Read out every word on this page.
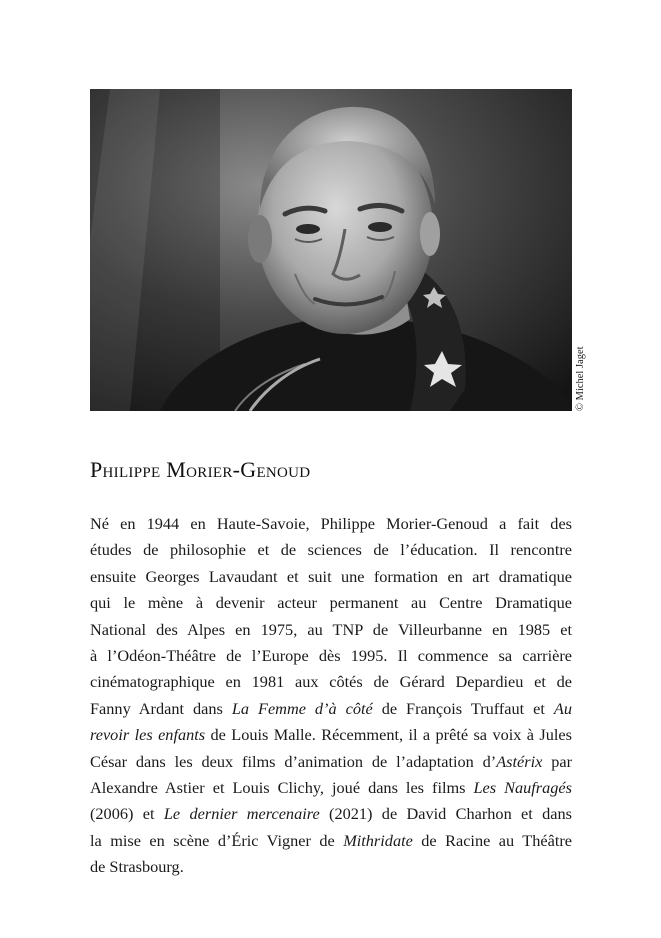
© Michel Jaget
Philippe Morier-Genoud
Né en 1944 en Haute-Savoie, Philippe Morier-Genoud a fait des
études de philosophie et de sciences de l’éducation. Il rencontre
ensuite Georges Lavaudant et suit une formation en art dramatique
qui le mène à devenir acteur permanent au Centre Dramatique
National des Alpes en 1975, au TNP de Villeurbanne en 1985 et
à l’Odéon-Théâtre de l’Europe dès 1995. Il commence sa carrière
cinématographique en 1981 aux côtés de Gérard Depardieu et de
Fanny Ardant dans La Femme d’à côté de François Truffaut et Au
revoir les enfants de Louis Malle. Récemment, il a prêté sa voix à Jules
César dans les deux films d’animation de l’adaptation d’Astérix par
Alexandre Astier et Louis Clichy, joué dans les films Les Naufragés
(2006) et Le dernier mercenaire (2021) de David Charhon et dans
la mise en scène d’Éric Vigner de Mithridate de Racine au Théâtre
de Strasbourg.
